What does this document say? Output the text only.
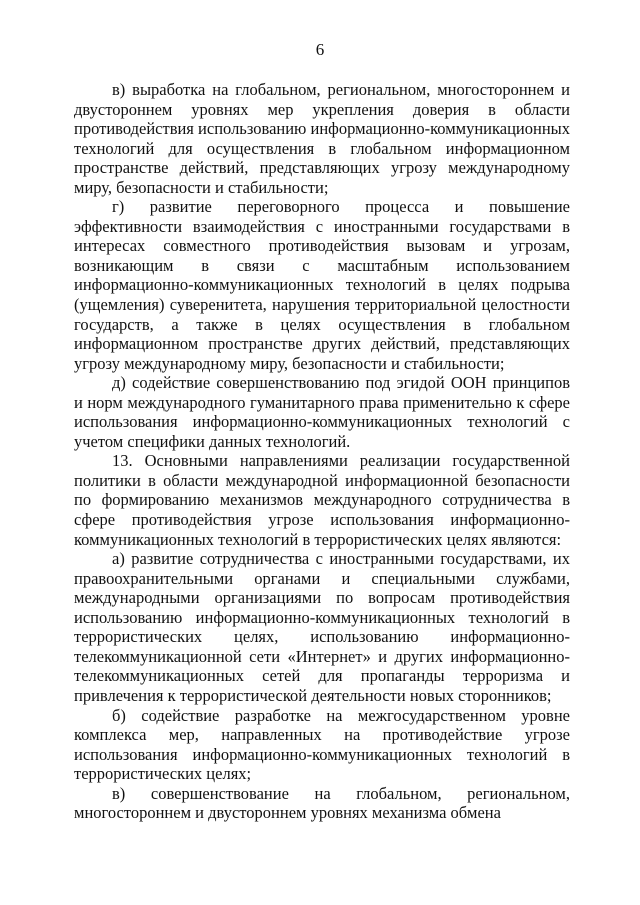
6

в) выработка на глобальном, региональном, многостороннем и двустороннем уровнях мер укрепления доверия в области противодействия использованию информационно-коммуникационных технологий для осуществления в глобальном информационном пространстве действий, представляющих угрозу международному миру, безопасности и стабильности;

г) развитие переговорного процесса и повышение эффективности взаимодействия с иностранными государствами в интересах совместного противодействия вызовам и угрозам, возникающим в связи с масштабным использованием информационно-коммуникационных технологий в целях подрыва (ущемления) суверенитета, нарушения территориальной целостности государств, а также в целях осуществления в глобальном информационном пространстве других действий, представляющих угрозу международному миру, безопасности и стабильности;

д) содействие совершенствованию под эгидой ООН принципов и норм международного гуманитарного права применительно к сфере использования информационно-коммуникационных технологий с учетом специфики данных технологий.

13. Основными направлениями реализации государственной политики в области международной информационной безопасности по формированию механизмов международного сотрудничества в сфере противодействия угрозе использования информационно-коммуникационных технологий в террористических целях являются:

а) развитие сотрудничества с иностранными государствами, их правоохранительными органами и специальными службами, международными организациями по вопросам противодействия использованию информационно-коммуникационных технологий в террористических целях, использованию информационно-телекоммуникационной сети «Интернет» и других информационно-телекоммуникационных сетей для пропаганды терроризма и привлечения к террористической деятельности новых сторонников;

б) содействие разработке на межгосударственном уровне комплекса мер, направленных на противодействие угрозе использования информационно-коммуникационных технологий в террористических целях;

в) совершенствование на глобальном, региональном, многостороннем и двустороннем уровнях механизма обмена
